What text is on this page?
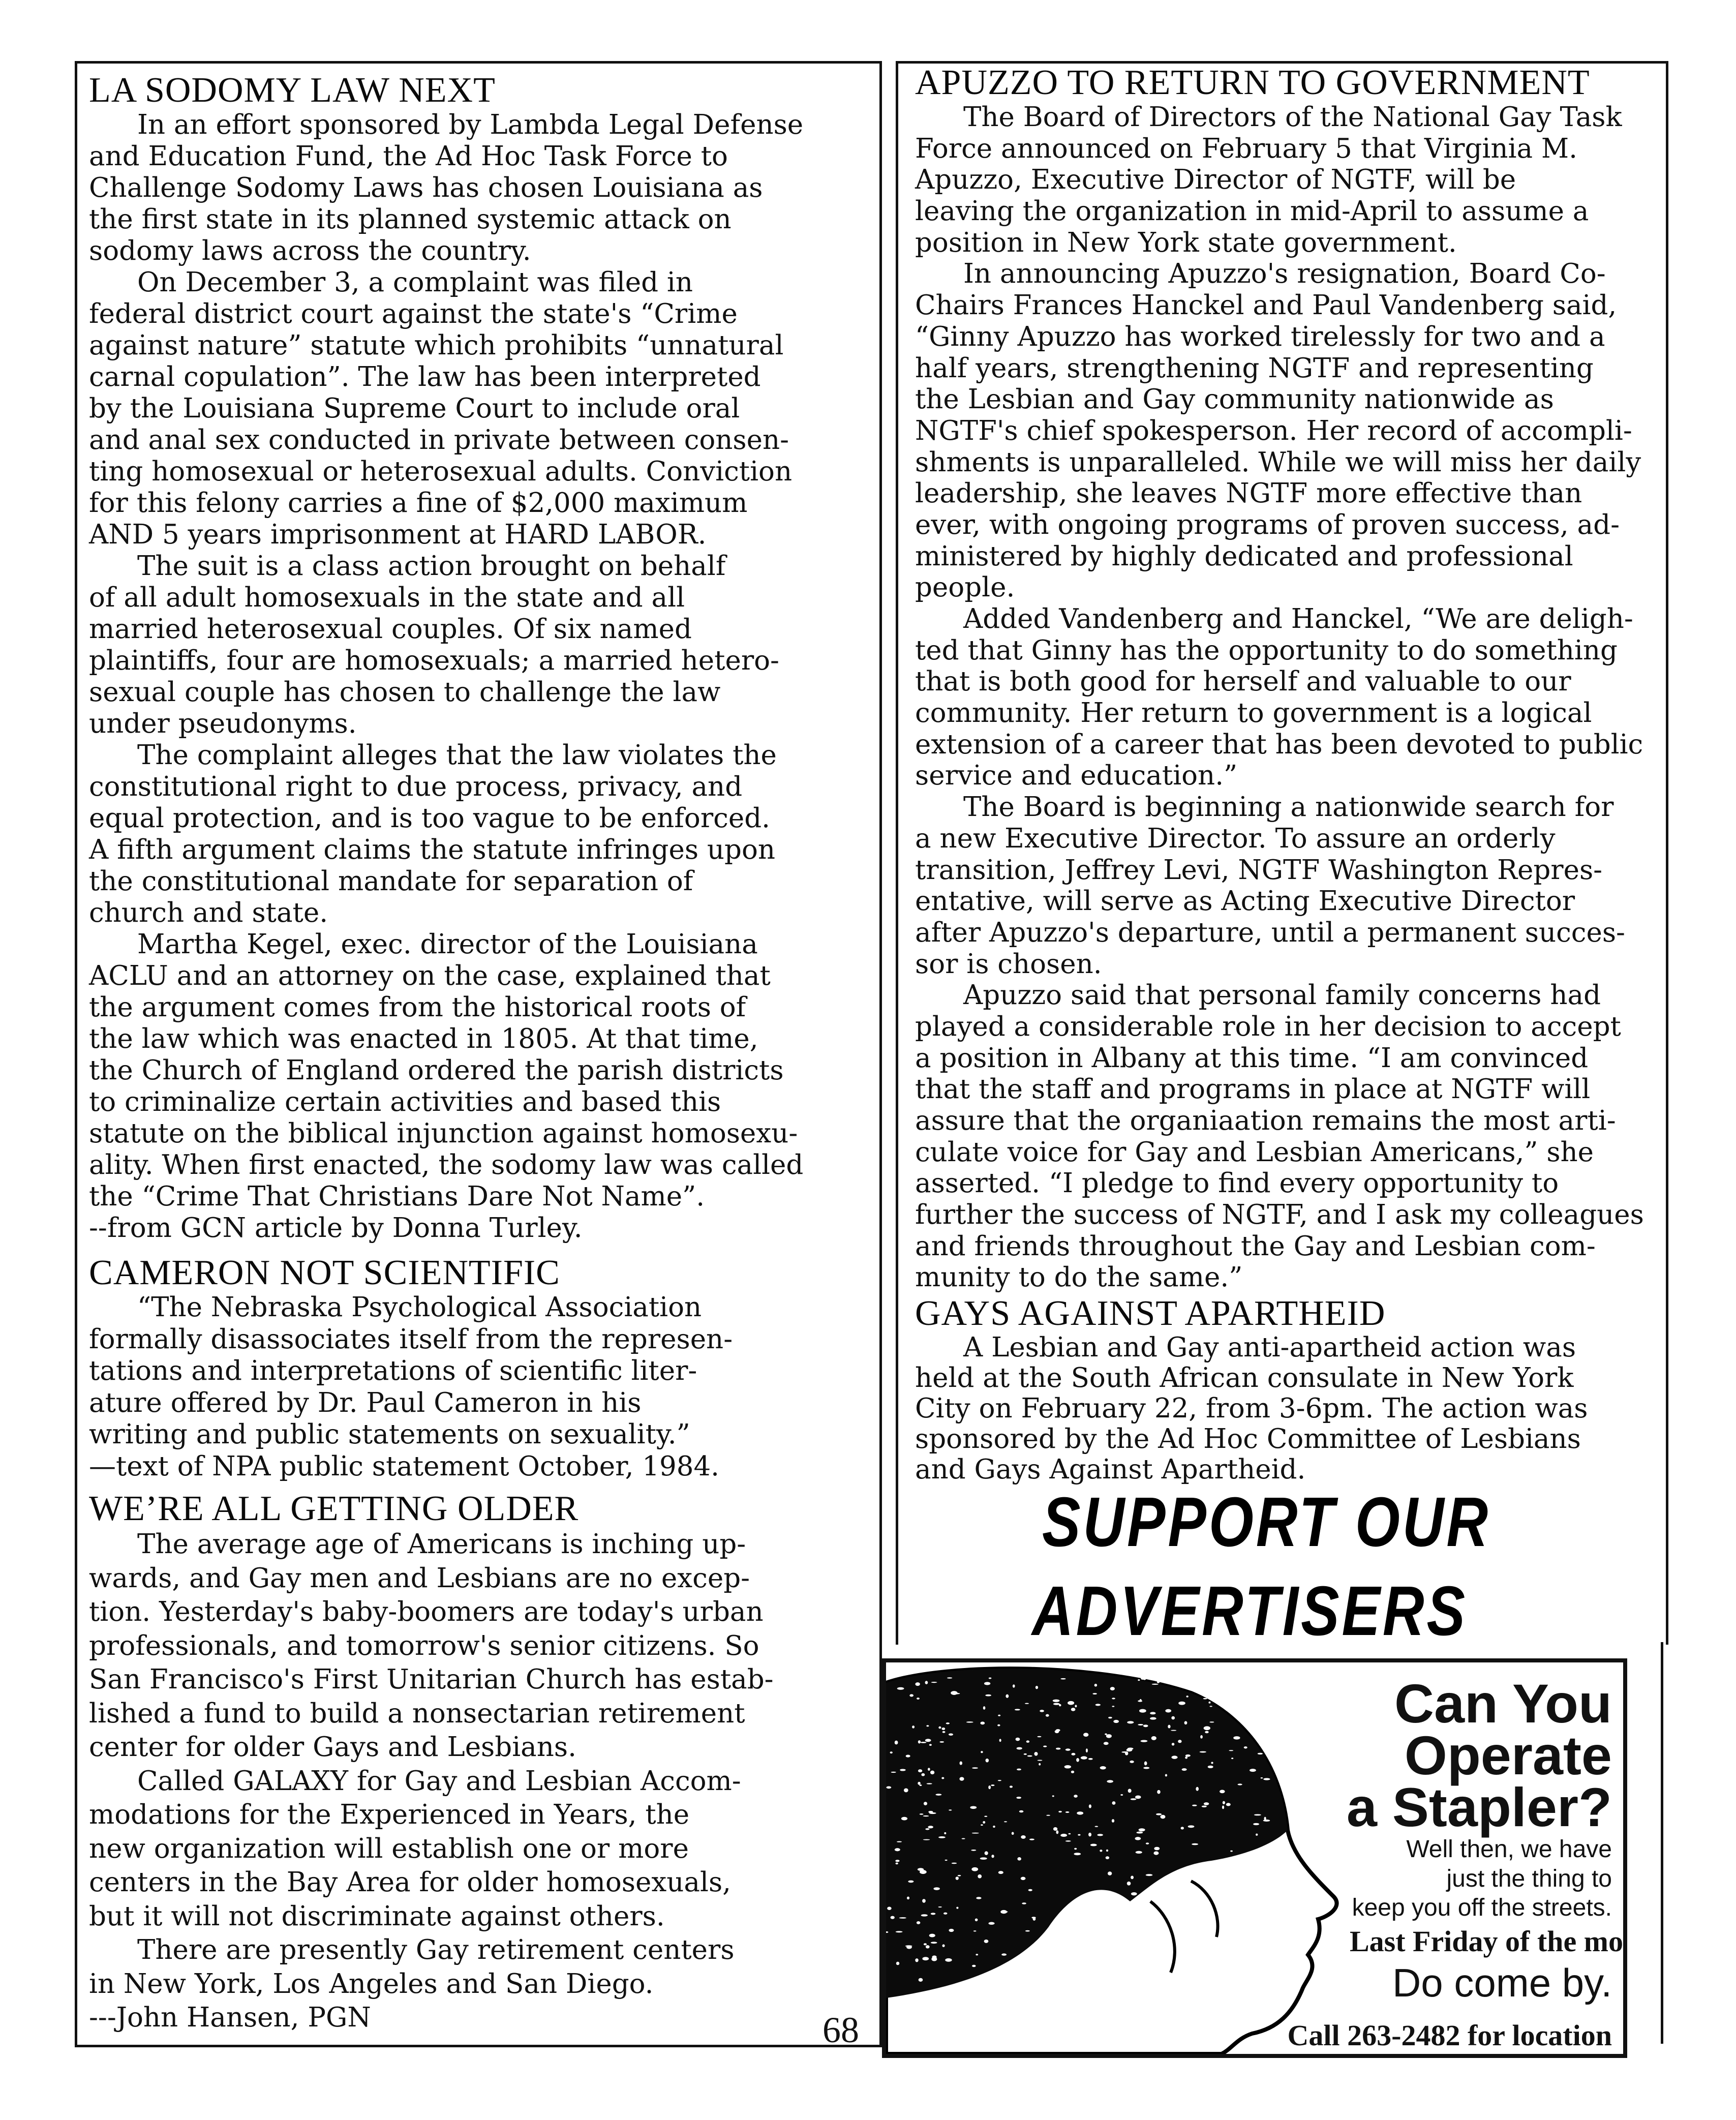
LA SODOMY LAW NEXT
In an effort sponsored by Lambda Legal Defense
and Education Fund, the Ad Hoc Task Force to
Challenge Sodomy Laws has chosen Louisiana as
the first state in its planned systemic attack on
sodomy laws across the country.
On December 3, a complaint was filed in
federal district court against the state's “Crime
against nature” statute which prohibits “unnatural
carnal copulation”. The law has been interpreted
by the Louisiana Supreme Court to include oral
and anal sex conducted in private between consen-
ting homosexual or heterosexual adults. Conviction
for this felony carries a fine of $2,000 maximum
AND 5 years imprisonment at HARD LABOR.
The suit is a class action brought on behalf
of all adult homosexuals in the state and all
married heterosexual couples. Of six named
plaintiffs, four are homosexuals; a married hetero-
sexual couple has chosen to challenge the law
under pseudonyms.
The complaint alleges that the law violates the
constitutional right to due process, privacy, and
equal protection, and is too vague to be enforced.
A fifth argument claims the statute infringes upon
the constitutional mandate for separation of
church and state.
Martha Kegel, exec. director of the Louisiana
ACLU and an attorney on the case, explained that
the argument comes from the historical roots of
the law which was enacted in 1805. At that time,
the Church of England ordered the parish districts
to criminalize certain activities and based this
statute on the biblical injunction against homosexu-
ality. When first enacted, the sodomy law was called
the “Crime That Christians Dare Not Name”.
--from GCN article by Donna Turley.
CAMERON NOT SCIENTIFIC
“The Nebraska Psychological Association
formally disassociates itself from the represen-
tations and interpretations of scientific liter-
ature offered by Dr. Paul Cameron in his
writing and public statements on sexuality.”
—text of NPA public statement October, 1984.
WE’RE ALL GETTING OLDER
The average age of Americans is inching up-
wards, and Gay men and Lesbians are no excep-
tion. Yesterday's baby-boomers are today's urban
professionals, and tomorrow's senior citizens. So
San Francisco's First Unitarian Church has estab-
lished a fund to build a nonsectarian retirement
center for older Gays and Lesbians.
Called GALAXY for Gay and Lesbian Accom-
modations for the Experienced in Years, the
new organization will establish one or more
centers in the Bay Area for older homosexuals,
but it will not discriminate against others.
There are presently Gay retirement centers
in New York, Los Angeles and San Diego.
---John Hansen, PGN
APUZZO TO RETURN TO GOVERNMENT
The Board of Directors of the National Gay Task
Force announced on February 5 that Virginia M.
Apuzzo, Executive Director of NGTF, will be
leaving the organization in mid-April to assume a
position in New York state government.
In announcing Apuzzo's resignation, Board Co-
Chairs Frances Hanckel and Paul Vandenberg said,
“Ginny Apuzzo has worked tirelessly for two and a
half years, strengthening NGTF and representing
the Lesbian and Gay community nationwide as
NGTF's chief spokesperson. Her record of accompli-
shments is unparalleled. While we will miss her daily
leadership, she leaves NGTF more effective than
ever, with ongoing programs of proven success, ad-
ministered by highly dedicated and professional
people.
Added Vandenberg and Hanckel, “We are deligh-
ted that Ginny has the opportunity to do something
that is both good for herself and valuable to our
community. Her return to government is a logical
extension of a career that has been devoted to public
service and education.”
The Board is beginning a nationwide search for
a new Executive Director. To assure an orderly
transition, Jeffrey Levi, NGTF Washington Repres-
entative, will serve as Acting Executive Director
after Apuzzo's departure, until a permanent succes-
sor is chosen.
Apuzzo said that personal family concerns had
played a considerable role in her decision to accept
a position in Albany at this time. “I am convinced
that the staff and programs in place at NGTF will
assure that the organiaation remains the most arti-
culate voice for Gay and Lesbian Americans,” she
asserted. “I pledge to find every opportunity to
further the success of NGTF, and I ask my colleagues
and friends throughout the Gay and Lesbian com-
munity to do the same.”
GAYS AGAINST APARTHEID
A Lesbian and Gay anti-apartheid action was
held at the South African consulate in New York
City on February 22, from 3-6pm. The action was
sponsored by the Ad Hoc Committee of Lesbians
and Gays Against Apartheid.
68
SUPPORT OUR
ADVERTISERS
Can You
Operate
a Stapler?
Well then, we have
just the thing to
keep you off the streets.
Last Friday of the mo
Do come by.
Call 263-2482 for location
